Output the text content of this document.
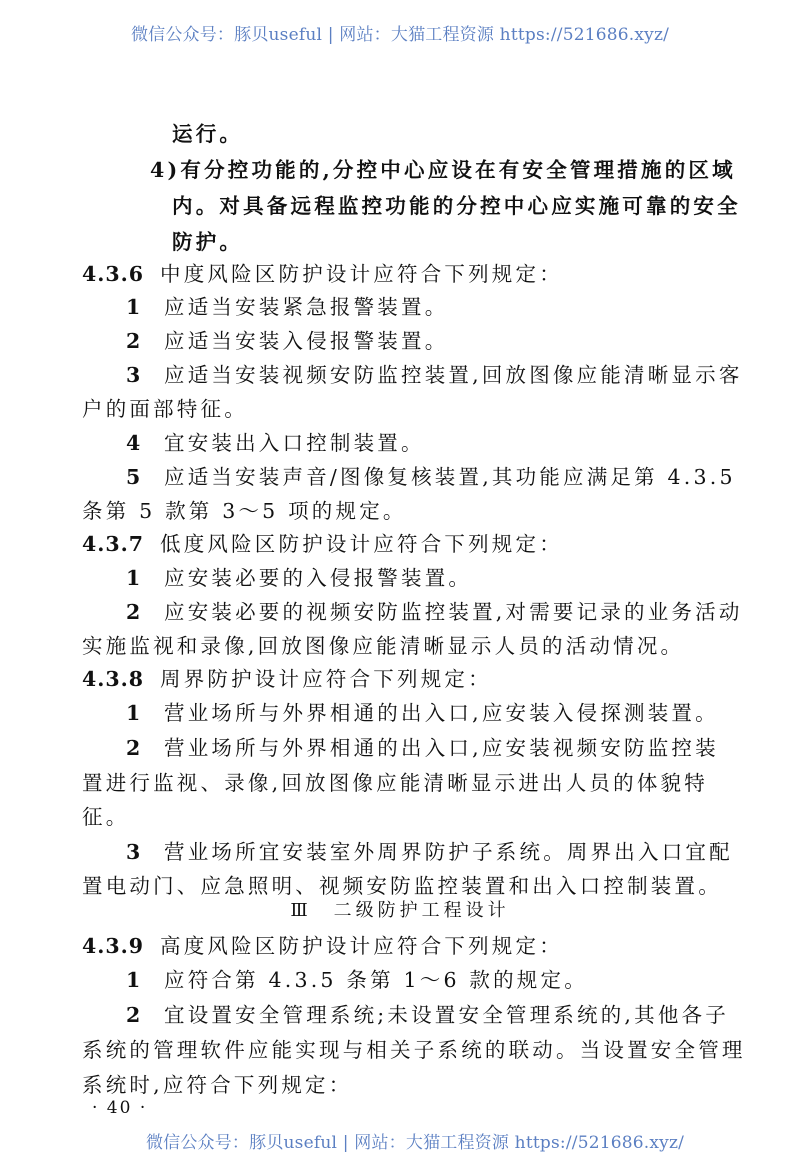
微信公众号：豚贝useful | 网站：大猫工程资源 https://521686.xyz/
运行。
4)有分控功能的,分控中心应设在有安全管理措施的区域
内。对具备远程监控功能的分控中心应实施可靠的安全
防护。
4.3.6 中度风险区防护设计应符合下列规定：
1 应适当安装紧急报警装置。
2 应适当安装入侵报警装置。
3 应适当安装视频安防监控装置,回放图像应能清晰显示客
户的面部特征。
4 宜安装出入口控制装置。
5 应适当安装声音/图像复核装置,其功能应满足第 4.3.5
条第 5 款第 3～5 项的规定。
4.3.7 低度风险区防护设计应符合下列规定：
1 应安装必要的入侵报警装置。
2 应安装必要的视频安防监控装置,对需要记录的业务活动
实施监视和录像,回放图像应能清晰显示人员的活动情况。
4.3.8 周界防护设计应符合下列规定：
1 营业场所与外界相通的出入口,应安装入侵探测装置。
2 营业场所与外界相通的出入口,应安装视频安防监控装
置进行监视、录像,回放图像应能清晰显示进出人员的体貌特
征。
3 营业场所宜安装室外周界防护子系统。周界出入口宜配
置电动门、应急照明、视频安防监控装置和出入口控制装置。
Ⅲ　二级防护工程设计
4.3.9 高度风险区防护设计应符合下列规定：
1 应符合第 4.3.5 条第 1～6 款的规定。
2 宜设置安全管理系统;未设置安全管理系统的,其他各子
系统的管理软件应能实现与相关子系统的联动。当设置安全管理
系统时,应符合下列规定：
· 40 ·
微信公众号：豚贝useful | 网站：大猫工程资源 https://521686.xyz/
